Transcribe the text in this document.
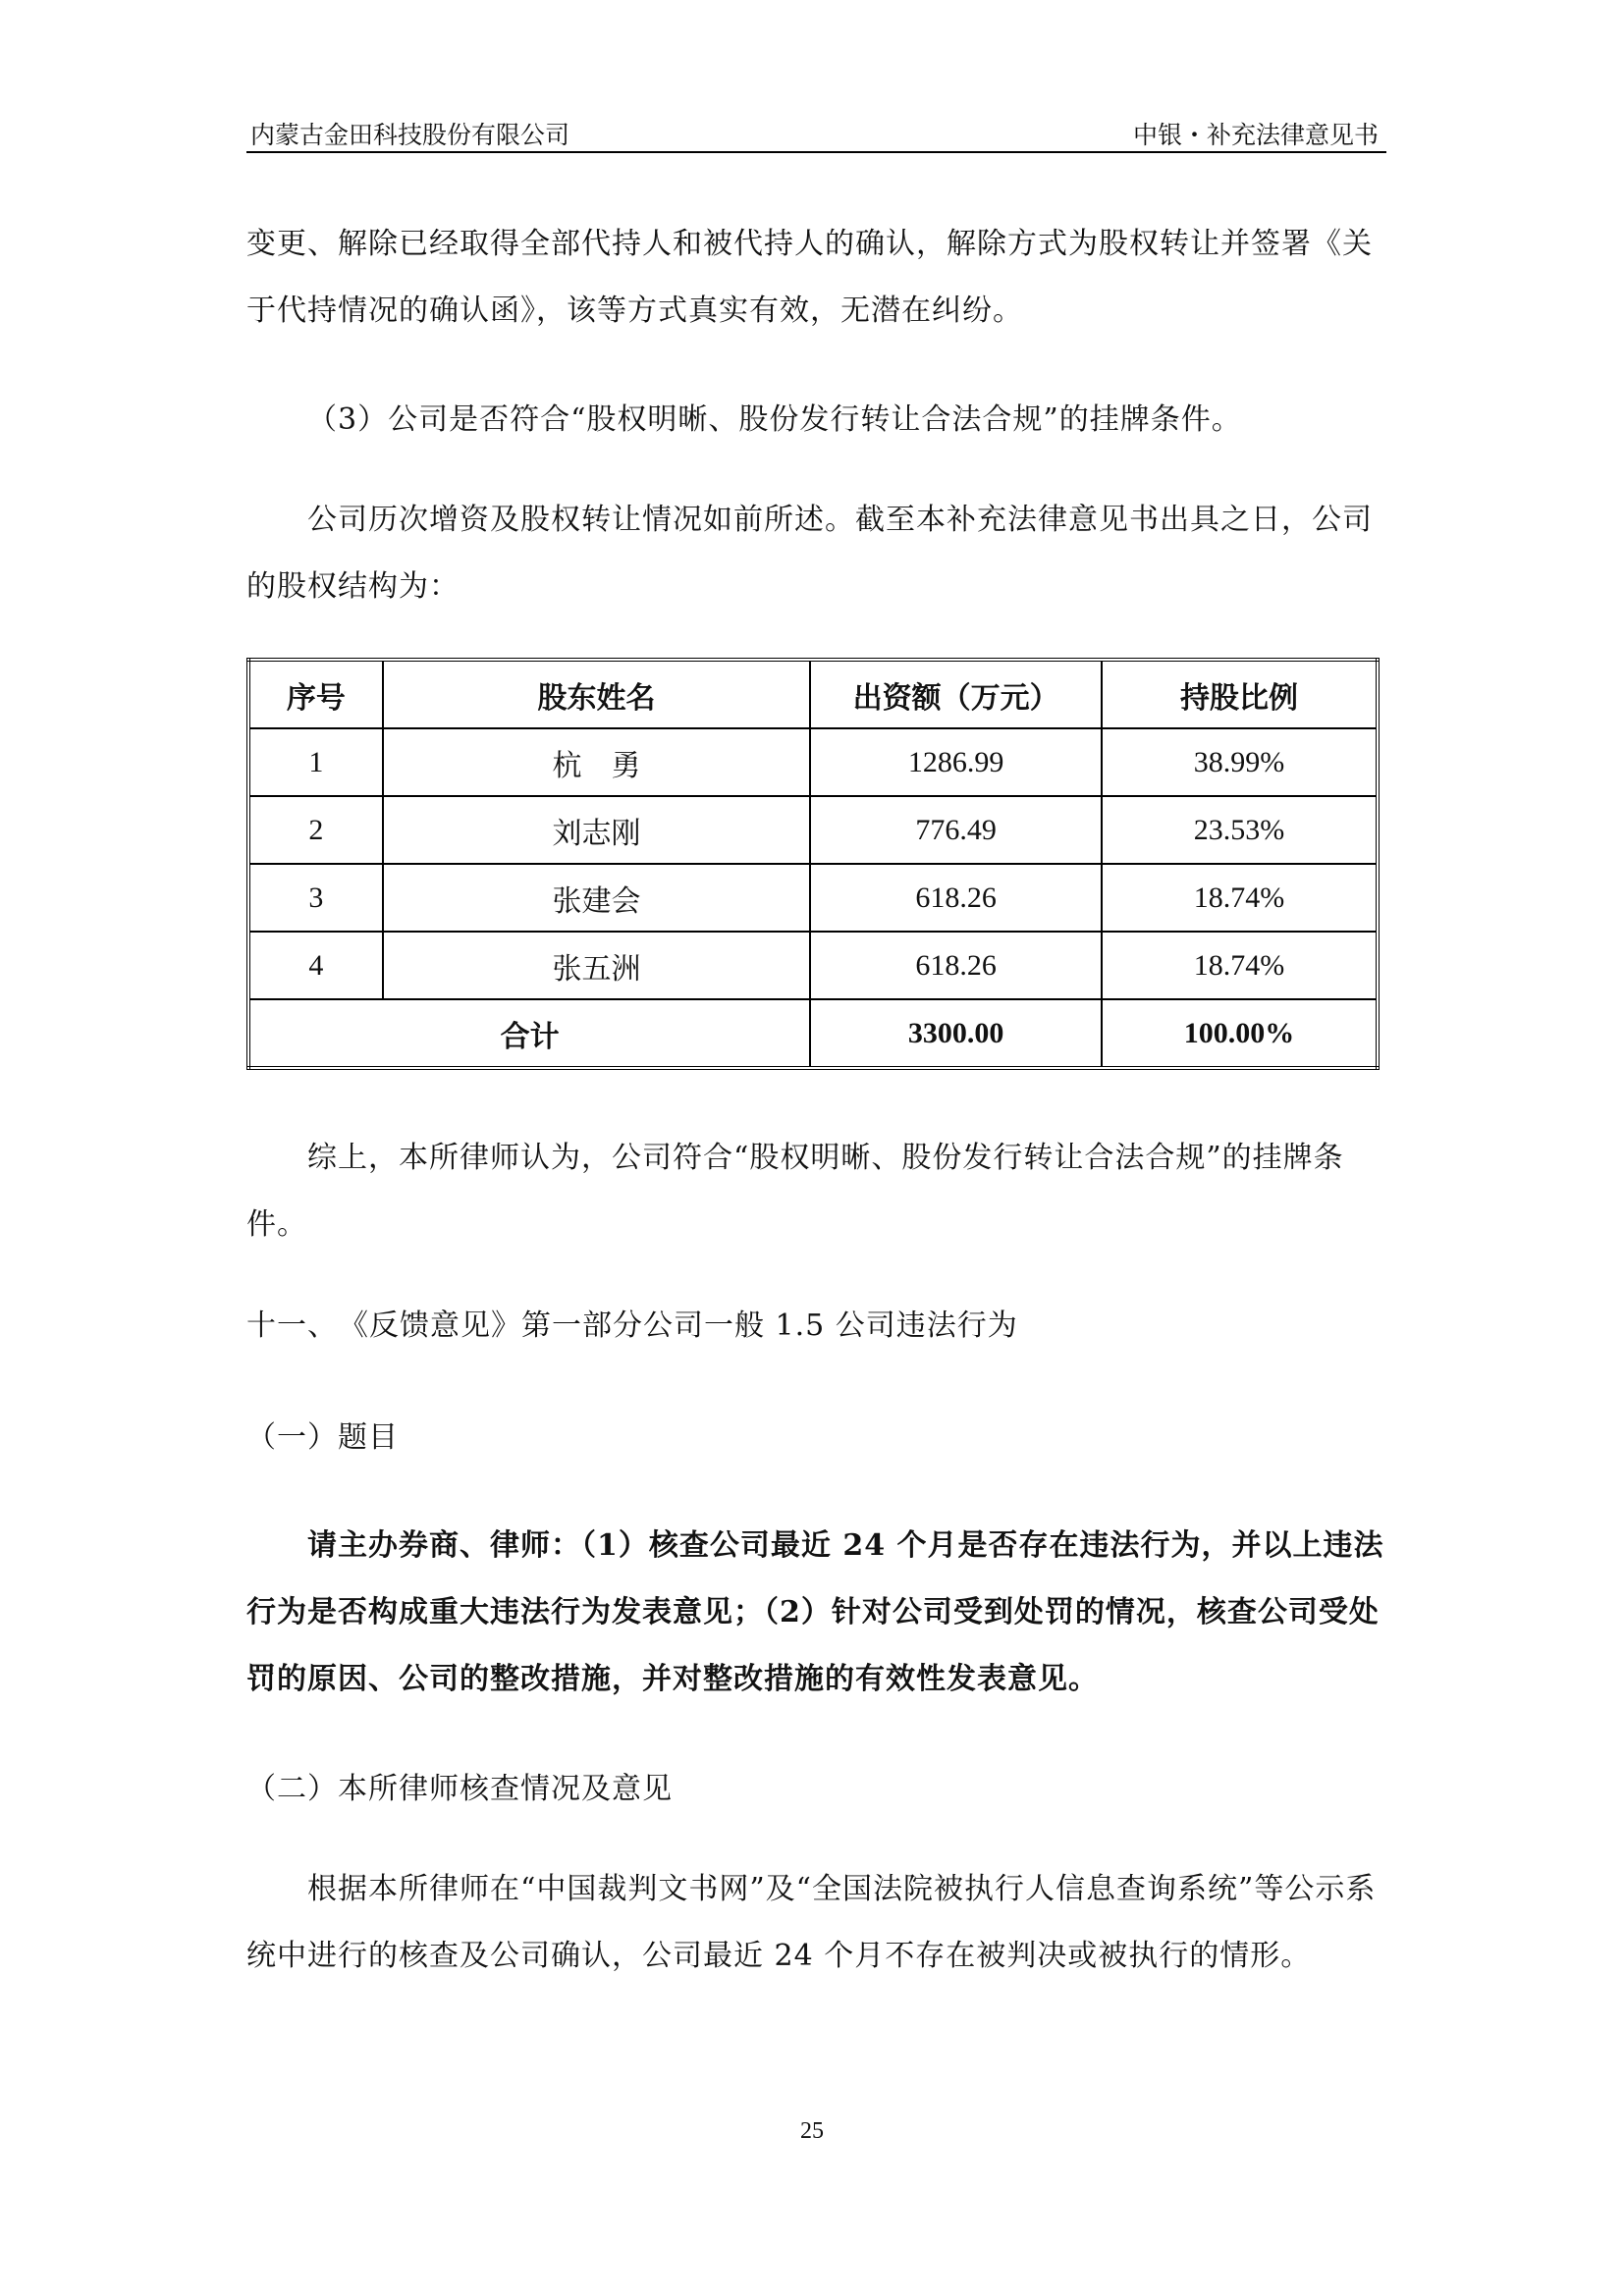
内蒙古金田科技股份有限公司	中银・补充法律意见书
变更、解除已经取得全部代持人和被代持人的确认，解除方式为股权转让并签署《关于代持情况的确认函》，该等方式真实有效，无潜在纠纷。
（3）公司是否符合“股权明晰、股份发行转让合法合规”的挂牌条件。
公司历次增资及股权转让情况如前所述。截至本补充法律意见书出具之日，公司的股权结构为：
序号	股东姓名	出资额（万元）	持股比例
1	杭　勇	1286.99	38.99%
2	刘志刚	776.49	23.53%
3	张建会	618.26	18.74%
4	张五洲	618.26	18.74%
合计		3300.00	100.00%
综上，本所律师认为，公司符合“股权明晰、股份发行转让合法合规”的挂牌条件。
十一、　《反馈意见》第一部分公司一般 1.5 公司违法行为
（一）题目
请主办券商、律师：（1）核查公司最近 24 个月是否存在违法行为，并以上违法行为是否构成重大违法行为发表意见；（2）针对公司受到处罚的情况，核查公司受处罚的原因、公司的整改措施，并对整改措施的有效性发表意见。
（二）本所律师核查情况及意见
根据本所律师在“中国裁判文书网”及“全国法院被执行人信息查询系统”等公示系统中进行的核查及公司确认，公司最近 24 个月不存在被判决或被执行的情形。
25
